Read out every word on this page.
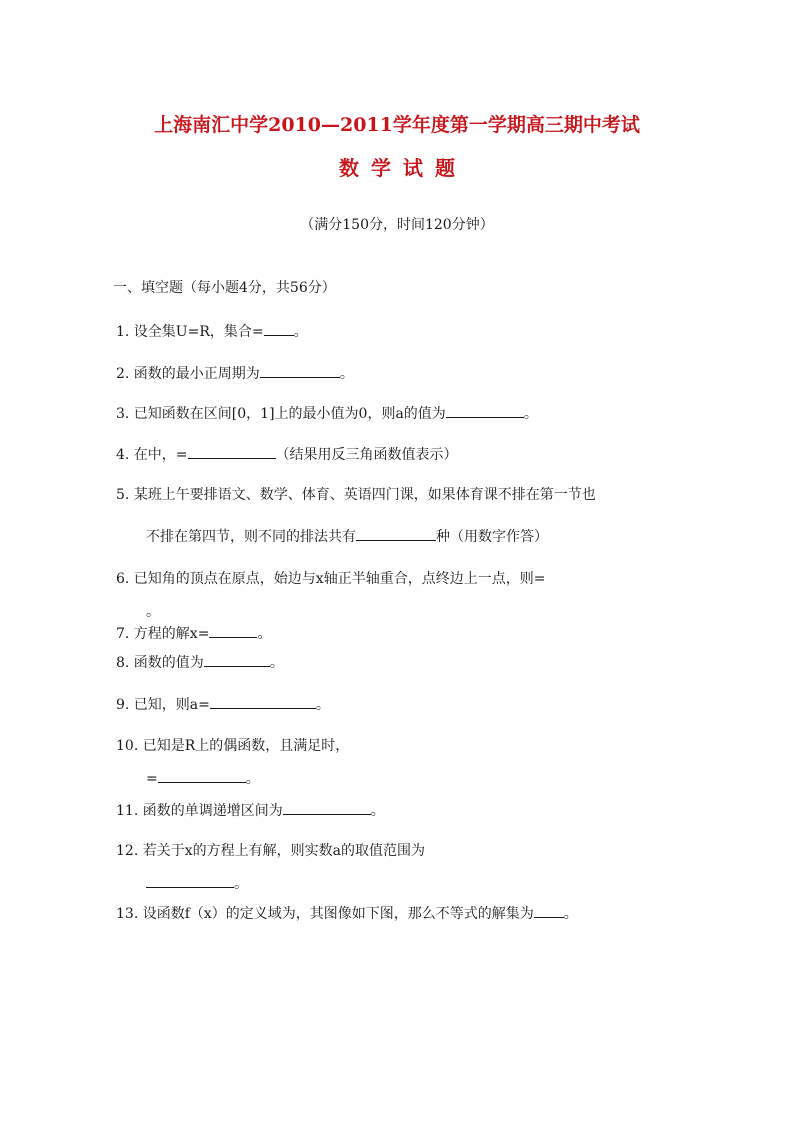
上海南汇中学2010—2011学年度第一学期高三期中考试
数学试题
（满分150分，时间120分钟）
一、填空题（每小题4分，共56分）
1. 设全集U=R，集合= 。
2. 函数的最小正周期为	。
3. 已知函数在区间[0，1]上的最小值为0，则a的值为	。
4. 在中，=	（结果用反三角函数值表示）
5. 某班上午要排语文、数学、体育、英语四门课，如果体育课不排在第一节也
不排在第四节，则不同的排法共有	种（用数字作答）
6. 已知角的顶点在原点，始边与x轴正半轴重合，点终边上一点，则=
。
7. 方程的解x=	。
8. 函数的值为	。
9. 已知，则a=	。
10. 已知是R上的偶函数，且满足时，
=	。
11. 函数的单调递增区间为	。
12. 若关于x的方程上有解，则实数a的取值范围为
。
13. 设函数f（x）的定义域为，其图像如下图，那么不等式的解集为 。
